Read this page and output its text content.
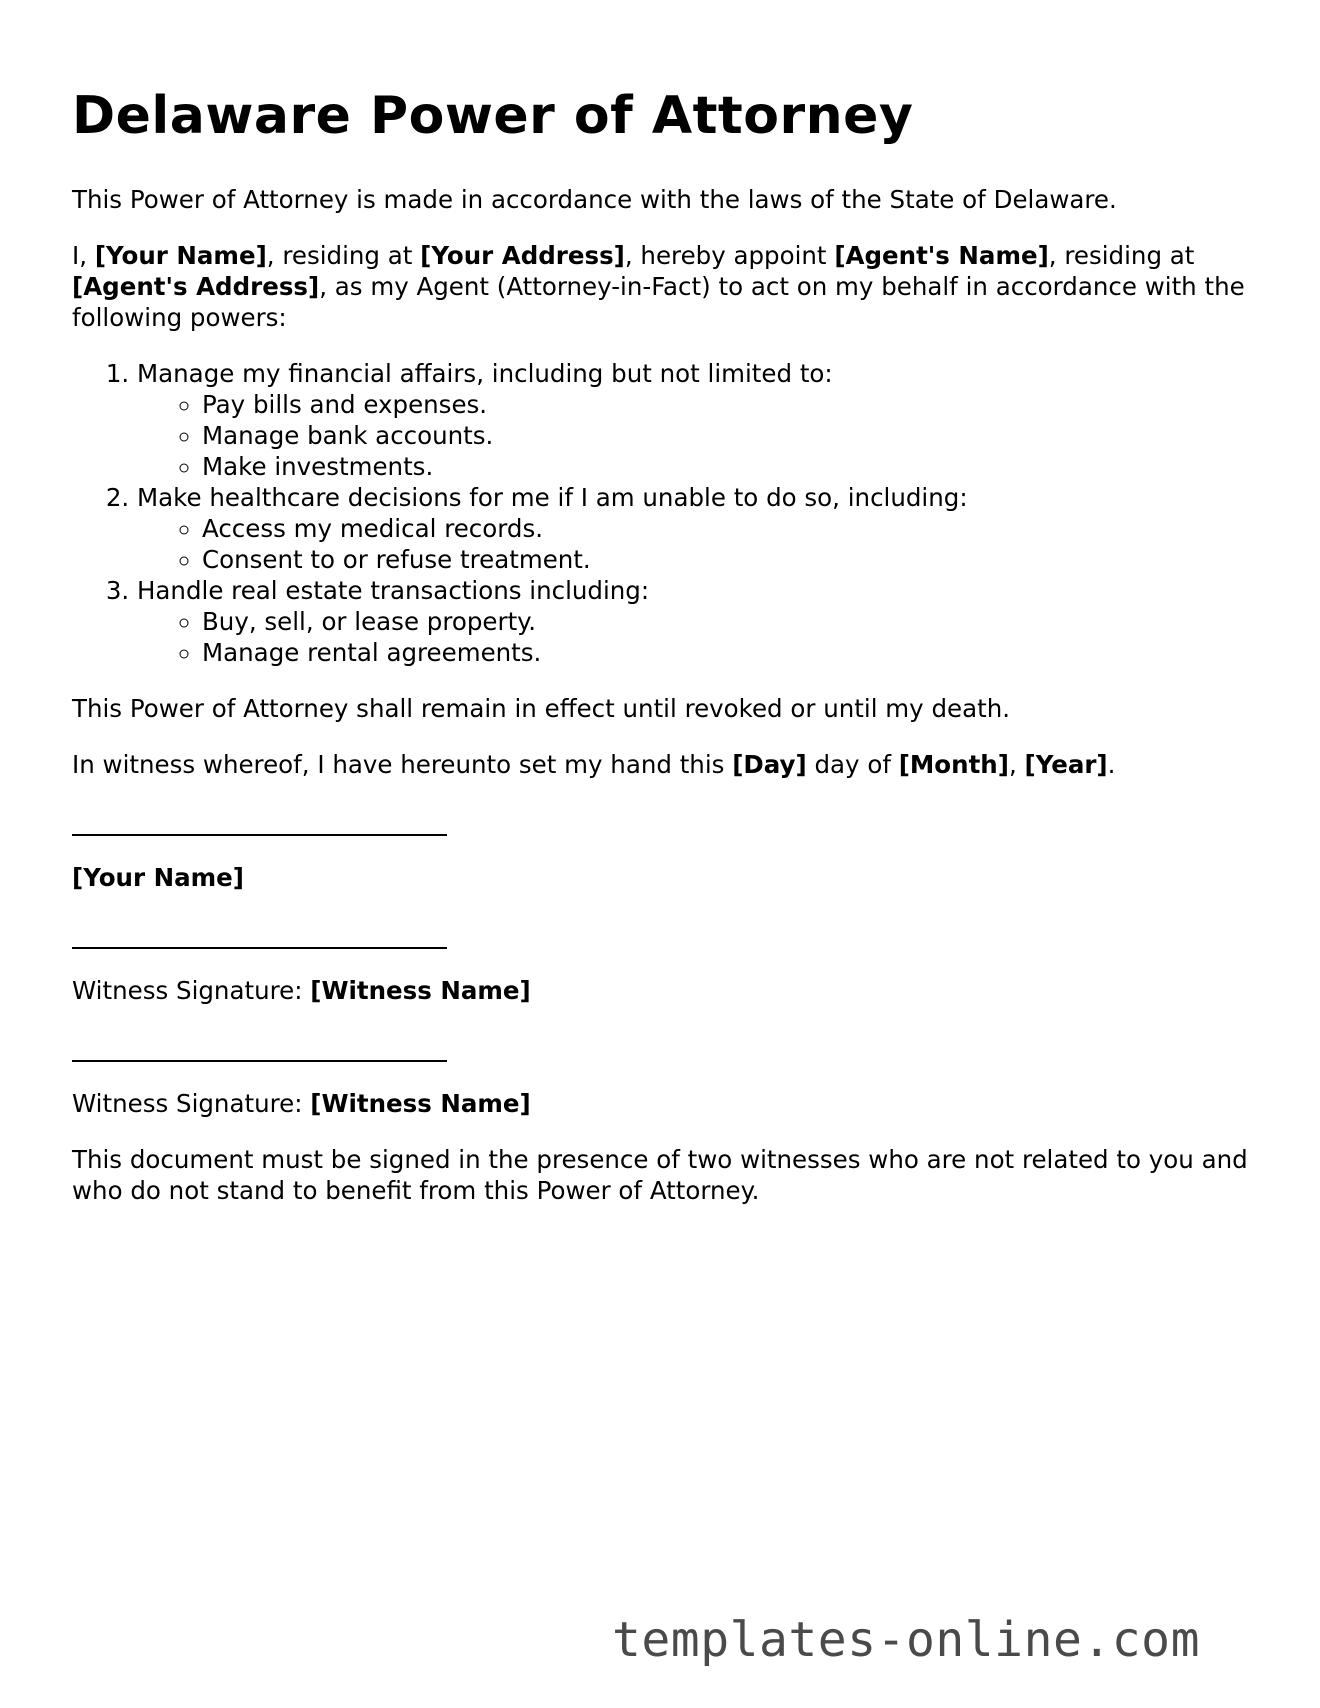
Delaware Power of Attorney

This Power of Attorney is made in accordance with the laws of the State of Delaware.

I, [Your Name], residing at [Your Address], hereby appoint [Agent's Name], residing at [Agent's Address], as my Agent (Attorney-in-Fact) to act on my behalf in accordance with the following powers:

1. Manage my financial affairs, including but not limited to:
◦ Pay bills and expenses.
◦ Manage bank accounts.
◦ Make investments.
2. Make healthcare decisions for me if I am unable to do so, including:
◦ Access my medical records.
◦ Consent to or refuse treatment.
3. Handle real estate transactions including:
◦ Buy, sell, or lease property.
◦ Manage rental agreements.

This Power of Attorney shall remain in effect until revoked or until my death.

In witness whereof, I have hereunto set my hand this [Day] day of [Month], [Year].

[Your Name]

Witness Signature: [Witness Name]

Witness Signature: [Witness Name]

This document must be signed in the presence of two witnesses who are not related to you and who do not stand to benefit from this Power of Attorney.

templates-online.com
